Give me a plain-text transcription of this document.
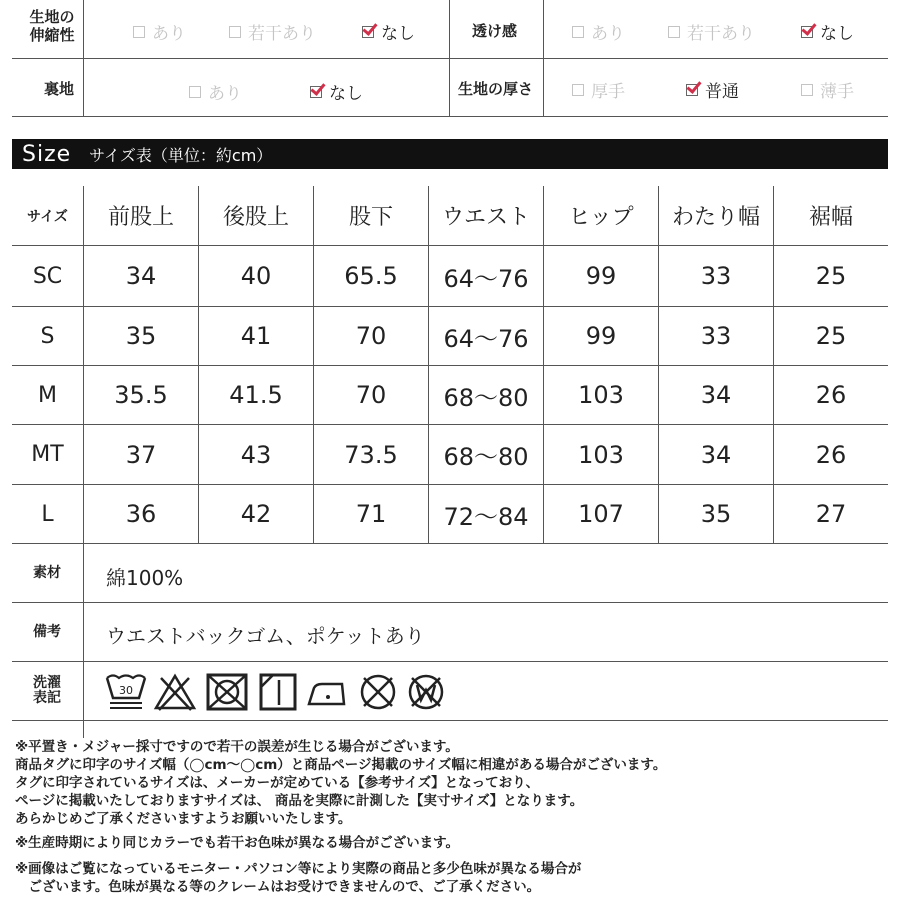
生地の
伸縮性	あり	若干あり	なし	透け感	あり	若干あり	なし
裏地	あり	なし	生地の厚さ	厚手	普通	薄手
Size サイズ表（単位：約cm）
サイズ	前股上	後股上	股下	ウエスト	ヒップ	わたり幅	裾幅
SC	34	40	65.5	64〜76	99	33	25
S	35	41	70	64〜76	99	33	25
M	35.5	41.5	70	68〜80	103	34	26
MT	37	43	73.5	68〜80	103	34	26
L	36	42	71	72〜84	107	35	27
素材	綿100%
備考	ウエストバックゴム、ポケットあり
洗濯
表記	30
※平置き・メジャー採寸ですので若干の誤差が生じる場合がございます。
商品タグに印字のサイズ幅（◯cm〜◯cm）と商品ページ掲載のサイズ幅に相違がある場合がございます。
タグに印字されているサイズは、メーカーが定めている【参考サイズ】となっており、
ページに掲載いたしておりますサイズは、 商品を実際に計測した【実寸サイズ】となります。
あらかじめご了承くださいますようお願いいたします。
※生産時期により同じカラーでも若干お色味が異なる場合がございます。
※画像はご覧になっているモニター・パソコン等により実際の商品と多少色味が異なる場合が
　ございます。色味が異なる等のクレームはお受けできませんので、ご了承ください。
